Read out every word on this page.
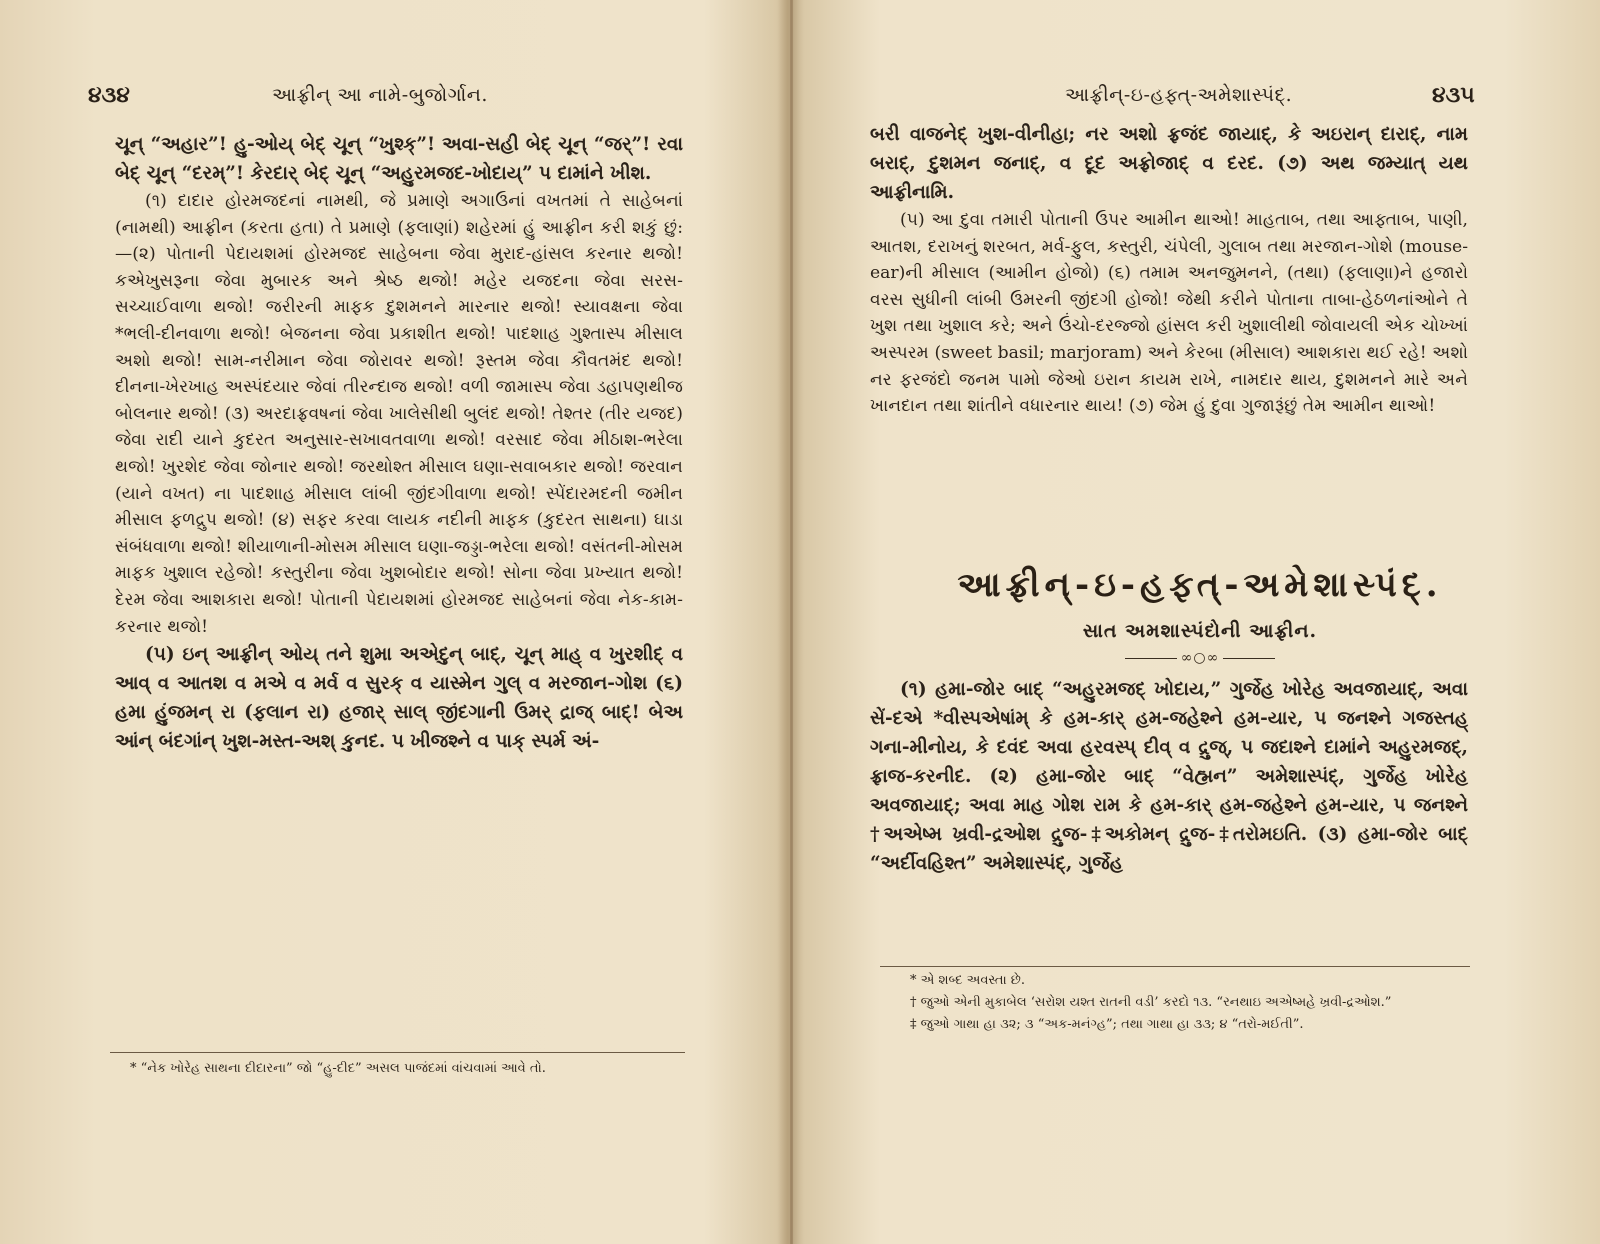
૪૩૪	આફ્રીન્ આ નામે-બુજોર્ગાન.

ચૂન્ “અહાર”! હુ-ઓય્ બેદ્ ચૂન્ “ખુશ્ક્”! અવા-સહી બેદ્ ચૂન્ “જર્”! રવા બેદ્ ચૂન્ “દરમ્”! કેરદાર્ બેદ્ ચૂન્ “અહુરમજદ-ખોદાય્” પ દામાંને ખીશ.

(૧) દાદાર હોરમજદનાં નામથી, જે પ્રમાણે અગાઉનાં વખતમાં તે સાહેબનાં (નામથી) આફ્રીન (કરતા હતા) તે પ્રમાણે (ફલાણાં) શહેરમાં હું આફ્રીન કરી શકું છું:—(૨) પોતાની પેદાયશમાં હોરમજદ સાહેબના જેવા મુરાદ-હાંસલ કરનાર થજો! કએખુસરૂના જેવા મુબારક અને શ્રેષ્ઠ થજો! મહેર યજદના જેવા સરસ-સચ્ચાઈવાળા થજો! જરીરની માફક દુશમનને મારનાર થજો! સ્યાવક્ષના જેવા *ભલી-દીનવાળા થજો! બેજનના જેવા પ્રકાશીત થજો! પાદશાહ ગુશ્તાસ્પ મીસાલ અશો થજો! સામ-નરીમાન જેવા જોરાવર થજો! રૂસ્તમ જેવા કૌવતમંદ થજો! દીનના-ખેરખાહ અસ્પંદયાર જેવાં તીરન્દાજ થજો! વળી જામાસ્પ જેવા ડહાપણથીજ બોલનાર થજો! (૩) અરદાફ્રવષનાં જેવા ખાલેસીથી બુલંદ થજો! તેશ્તર (તીર યજદ) જેવા રાદી યાને કુદરત અનુસાર-સખાવતવાળા થજો! વરસાદ જેવા મીઠાશ-ભરેલા થજો! ખુરશેદ જેવા જોનાર થજો! જરથોશ્ત મીસાલ ઘણા-સવાબકાર થજો! જરવાન (યાને વખત) ના પાદશાહ મીસાલ લાંબી જીંદગીવાળા થજો! સ્પેંદારમદની જમીન મીસાલ ફળદ્રુપ થજો! (૪) સફર કરવા લાયક નદીની માફક (કુદરત સાથના) ઘાડા સંબંધવાળા થજો! શીયાળાની-મોસમ મીસાલ ઘણા-જડ્ડા-ભરેલા થજો! વસંતની-મોસમ માફક ખુશાલ રહેજો! કસ્તુરીના જેવા ખુશબોદાર થજો! સોના જેવા પ્રખ્યાત થજો! દેરમ જેવા આશકારા થજો! પોતાની પેદાયશમાં હોરમજદ સાહેબનાં જેવા નેક-કામ-કરનાર થજો!

(૫) ઇન્ આફ્રીન્ ઓય્ તને શુમા અએદુન્ બાદ્, ચૂન્ માહ્ વ ખુરશીદ્ વ આવ્ વ આતશ વ મએ વ મર્વ વ સુરક્ વ યાસ્મેન ગુલ્ વ મરજાન-ગોશ (૬) હમા હુંજમન્ રા (ફલાન રા) હજાર્ સાલ્ જીંદગાની ઉમર્ દ્રાજ્ બાદ્! બેઅ આંન્ બંદગાંન્ ખુશ-મસ્ત-અશ્ કુનદ. પ ખીજશ્ને વ પાક્ સ્પર્મ અં-

* “નેક ખોરેહ સાથના દીદારના” જો “હુ-દીદ” અસલ પાજંદમાં વાંચવામાં આવે તો.
આફ્રીન્-ઇ-હફ્ત્-અમેશાસ્પંદ્.	૪૩૫

બરી વાજનેદ્ ખુશ-વીનીહા; નર અશો ફ્રજંદ જાયાદ્, કે અઇરાન્ દારાદ્, નામ બરાદ્, દુશમન જનાદ્, વ દૂદ અફ્રોજાદ્ વ દરદ. (૭) અથ જમ્યાત્ યથ આફ્રીનામિ.

(૫) આ દુવા તમારી પોતાની ઉપર આમીન થાઓ! માહતાબ, તથા આફ્તાબ, પાણી, આતશ, દરાખનું શરબત, મર્વ-ફુલ, કસ્તુરી, ચંપેલી, ગુલાબ તથા મરજાન-ગોશે (mouse-ear)ની મીસાલ (આમીન હોજો) (૬) તમામ અનજુમનને, (તથા) (ફલાણા)ને હજારો વરસ સુધીની લાંબી ઉમરની જીંદગી હોજો! જેથી કરીને પોતાના તાબા-હેઠળનાંઓને તે ખુશ તથા ખુશાલ કરે; અને ઉંચો-દરજ્જો હાંસલ કરી ખુશાલીથી જોવાયલી એક ચોખ્ખાં અસ્પરમ (sweet basil; marjoram) અને કેરબા (મીસાલ) આશકારા થઈ રહે! અશો નર ફરજંદો જનમ પામો જેઓ ઇરાન કાયમ રાખે, નામદાર થાય, દુશમનને મારે અને ખાનદાન તથા શાંતીને વધારનાર થાય! (૭) જેમ હું દુવા ગુજારૂંછું તેમ આમીન થાઓ!

આફ્રીન્-ઇ-હફ્ત્-અમેશાસ્પંદ્.
સાત અમશાસ્પંદોની આફ્રીન.
∞○∞

(૧) હમા-જોર બાદ્ “અહુરમજદ્ ખોદાય,” ગુર્જેહ ખોરેહ અવજાયાદ્, અવા સેં-દએ *વીસ્પએષાંમ્ કે હમ-કાર્ હમ-જહેશ્ને હમ-યાર, પ જનશ્ને ગજસ્તહ્ ગના-મીનોય, કે દવંદ અવા હરવસ્પ્ દીવ્ વ દ્રુજ્, પ જદાશ્ને દામાંને અહુરમજદ્, ફ્રાજ-કરનીદ. (૨) હમા-જોર બાદ્ “વેહ્મન” અમેશાસ્પંદ્, ગુર્જેહ ખોરેહ અવજાયાદ્; અવા માહ ગોશ રામ કે હમ-કાર્ હમ-જહેશ્ને હમ-યાર, પ જનશ્ને †અએષ્મ ખ્રવી-દ્રઓશ દ્રુજ-‡અકોમન્ દ્રુજ-‡તરોમઇતિ. (૩) હમા-જોર બાદ્ “અર્દીવહિશ્ત” અમેશાસ્પંદ્, ગુર્જેહ

* એ શબ્દ અવસ્તા છે.
† જુઓ એની મુકાબેલ ‘સરોશ યશ્ત રાતની વડી’ કરદો ૧૩. “રનથાઇ અએષ્મહે ખ્રવી-દ્રઓશ.”
‡ જુઓ ગાથા હા ૩૨; ૩ “અક-મનંગ્હ”; તથા ગાથા હા ૩૩; ૪ “તરો-મઈતી”.
